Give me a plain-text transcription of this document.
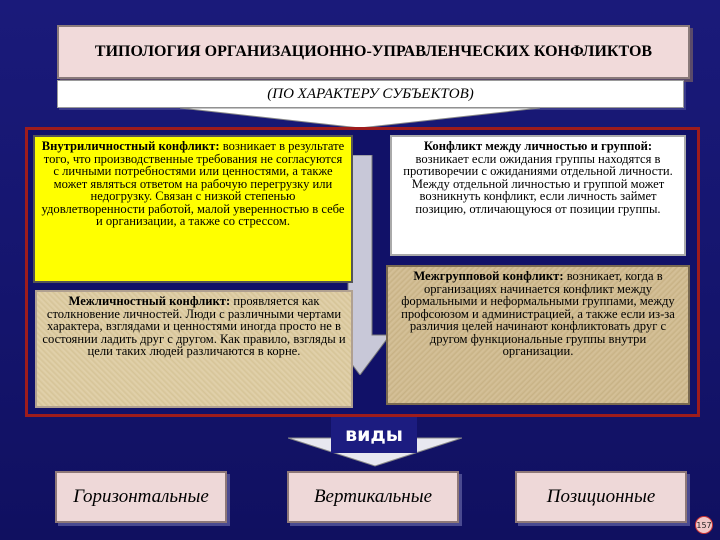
ТИПОЛОГИЯ ОРГАНИЗАЦИОННО-УПРАВЛЕНЧЕСКИХ КОНФЛИКТОВ
(ПО ХАРАКТЕРУ СУБЪЕКТОВ)
Внутриличностный конфликт: возникает в результате того, что производственные требования не согласуются с личными потребностями или ценностями, а также может являться ответом на рабочую перегрузку или недогрузку. Связан с низкой степенью удовлетворенности работой, малой уверенностью в себе и организации, а также со стрессом.
Конфликт между личностью и группой: возникает если ожидания группы находятся в противоречии с ожиданиями отдельной личности. Между отдельной личностью и группой может возникнуть конфликт, если личность займет позицию, отличающуюся от позиции группы.
Межличностный конфликт: проявляется как столкновение личностей. Люди с различными чертами характера, взглядами и ценностями иногда просто не в состоянии ладить друг с другом. Как правило, взгляды и цели таких людей различаются в корне.
Межгрупповой конфликт: возникает, когда в организациях начинается конфликт между формальными и неформальными группами, между профсоюзом и администрацией, а также если из-за различия целей начинают конфликтовать друг с другом функциональные группы внутри организации.
виды
Горизонтальные	Вертикальные	Позиционные
157
